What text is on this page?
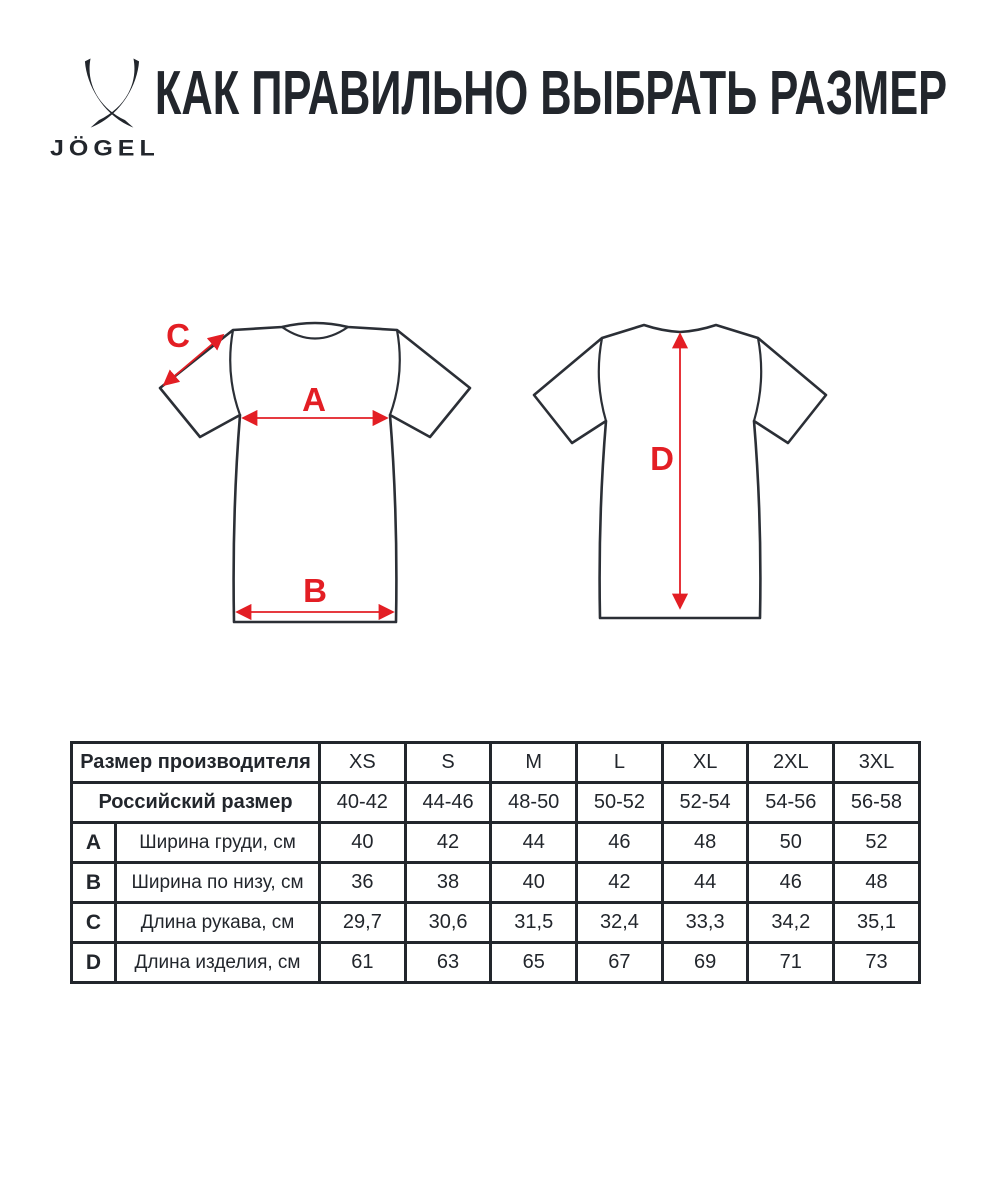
JÖGEL
КАК ПРАВИЛЬНО ВЫБРАТЬ РАЗМЕР
A
B
C
D
Размер производителя		XS	S	M	L	XL	2XL	3XL
Российский размер		40-42	44-46	48-50	50-52	52-54	54-56	56-58
A	Ширина груди, см	40	42	44	46	48	50	52
B	Ширина по низу, см	36	38	40	42	44	46	48
C	Длина рукава, см	29,7	30,6	31,5	32,4	33,3	34,2	35,1
D	Длина изделия, см	61	63	65	67	69	71	73
